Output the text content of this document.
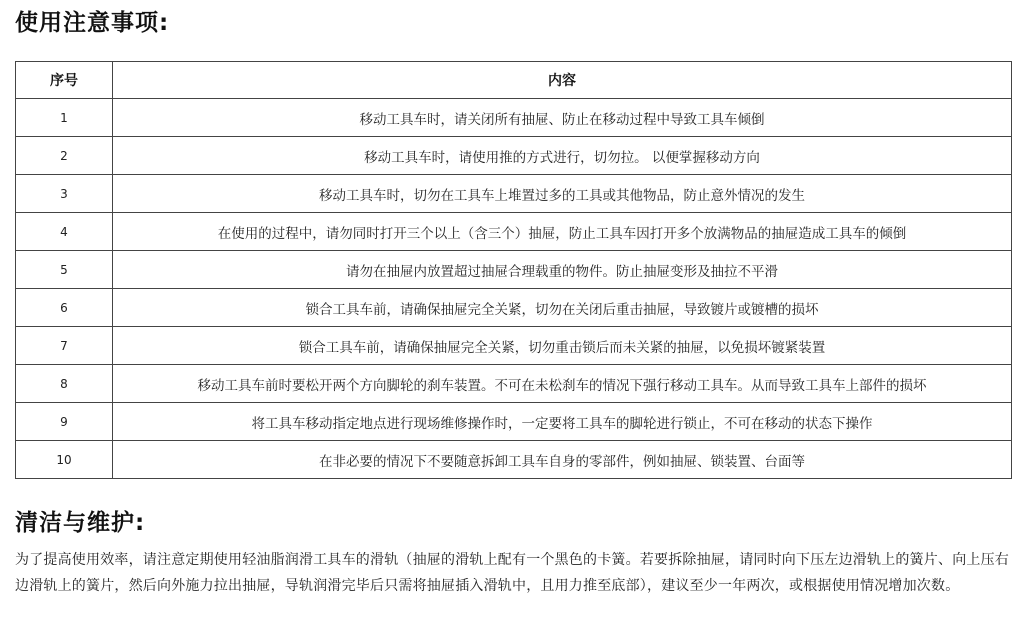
使用注意事项:
序号	内容
1	移动工具车时，请关闭所有抽屉、防止在移动过程中导致工具车倾倒
2	移动工具车时，请使用推的方式进行，切勿拉。 以便掌握移动方向
3	移动工具车时，切勿在工具车上堆置过多的工具或其他物品，防止意外情况的发生
4	在使用的过程中，请勿同时打开三个以上（含三个）抽屉，防止工具车因打开多个放满物品的抽屉造成工具车的倾倒
5	请勿在抽屉内放置超过抽屉合理载重的物件。防止抽屉变形及抽拉不平滑
6	锁合工具车前，请确保抽屉完全关紧，切勿在关闭后重击抽屉，导致镀片或镀槽的损坏
7	锁合工具车前，请确保抽屉完全关紧，切勿重击锁后而未关紧的抽屉，以免损坏镀紧装置
8	移动工具车前时要松开两个方向脚轮的刹车装置。不可在未松刹车的情况下强行移动工具车。从而导致工具车上部件的损坏
9	将工具车移动指定地点进行现场维修操作时，一定要将工具车的脚轮进行锁止，不可在移动的状态下操作
10	在非必要的情况下不要随意拆卸工具车自身的零部件，例如抽屉、锁装置、台面等
清洁与维护:

为了提高使用效率，请注意定期使用轻油脂润滑工具车的滑轨（抽屉的滑轨上配有一个黑色的卡簧。若要拆除抽屉，请同时向下压左边滑轨上的簧片、向上压右边滑轨上的簧片，然后向外施力拉出抽屉，导轨润滑完毕后只需将抽屉插入滑轨中，且用力推至底部），建议至少一年两次，或根据使用情况增加次数。
